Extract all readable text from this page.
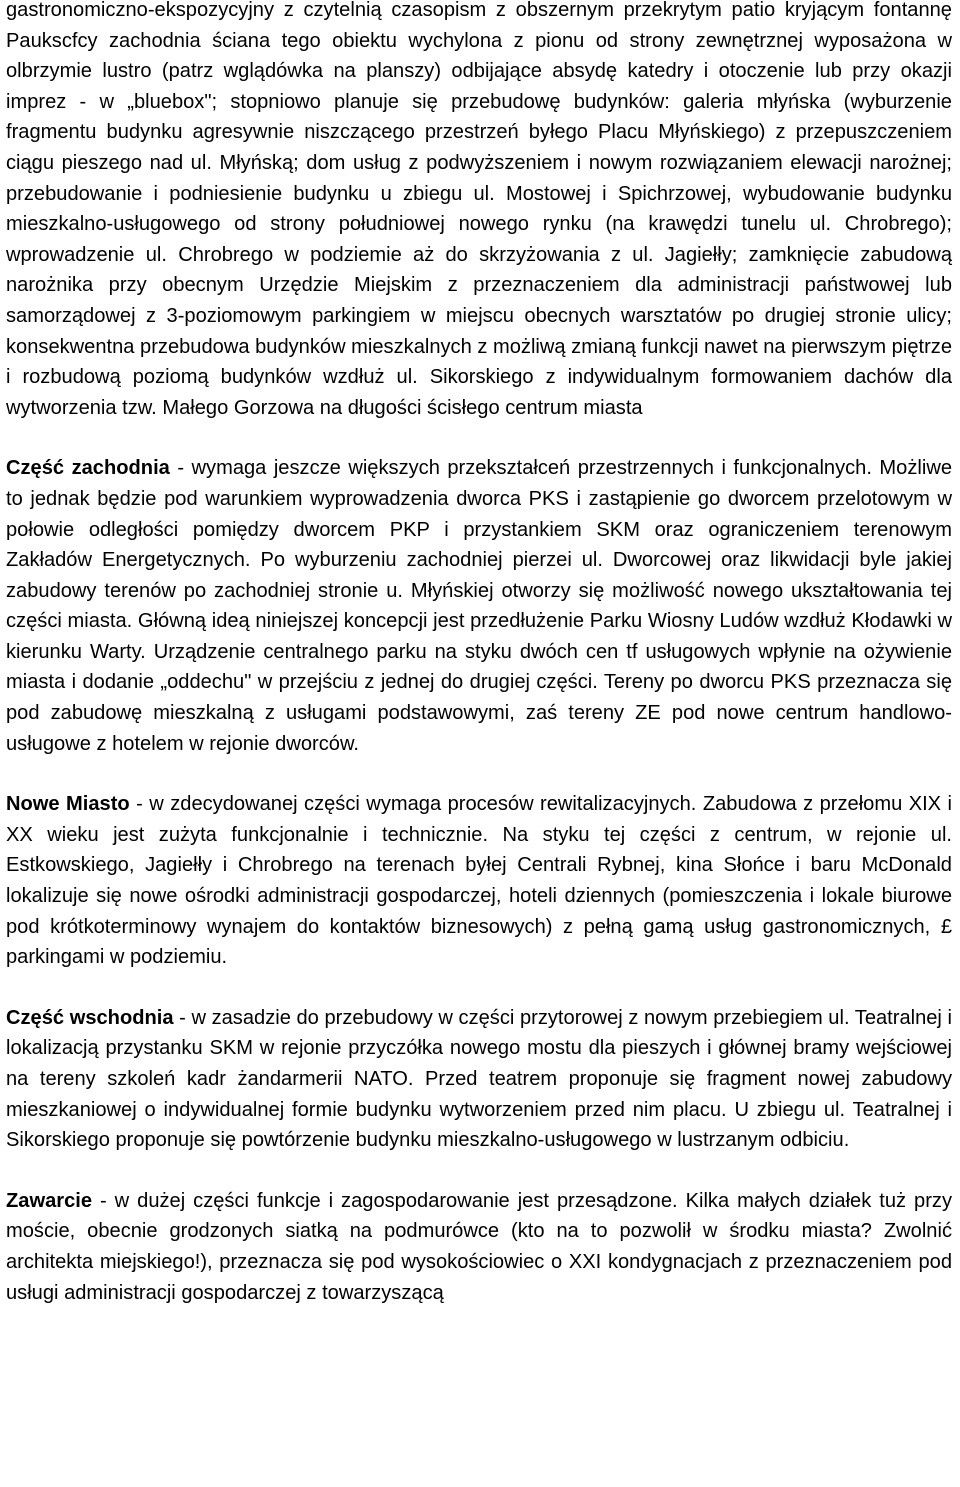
gastronomiczno-ekspozycyjny z czytelnią czasopism z obszernym przekrytym patio kryjącym fontannę Paukscfcy zachodnia ściana tego obiektu wychylona z pionu od strony zewnętrznej wyposażona w olbrzymie lustro (patrz wglądówka na planszy) odbijające absydę katedry i otoczenie lub przy okazji imprez - w „bluebox"; stopniowo planuje się przebudowę budynków: galeria młyńska (wyburzenie fragmentu budynku agresywnie niszczącego przestrzeń byłego Placu Młyńskiego) z przepuszczeniem ciągu pieszego nad ul. Młyńską; dom usług z podwyższeniem i nowym rozwiązaniem elewacji narożnej; przebudowanie i podniesienie budynku u zbiegu ul. Mostowej i Spichrzowej, wybudowanie budynku mieszkalno-usługowego od strony południowej nowego rynku (na krawędzi tunelu ul. Chrobrego); wprowadzenie ul. Chrobrego w podziemie aż do skrzyżowania z ul. Jagiełły; zamknięcie zabudową narożnika przy obecnym Urzędzie Miejskim z przeznaczeniem dla administracji państwowej lub samorządowej z 3-poziomowym parkingiem w miejscu obecnych warsztatów po drugiej stronie ulicy; konsekwentna przebudowa budynków mieszkalnych z możliwą zmianą funkcji nawet na pierwszym piętrze i rozbudową poziomą budynków wzdłuż ul. Sikorskiego z indywidualnym formowaniem dachów dla wytworzenia tzw. Małego Gorzowa na długości ścisłego centrum miasta

Część zachodnia - wymaga jeszcze większych przekształceń przestrzennych i funkcjonalnych. Możliwe to jednak będzie pod warunkiem wyprowadzenia dworca PKS i zastąpienie go dworcem przelotowym w połowie odległości pomiędzy dworcem PKP i przystankiem SKM oraz ograniczeniem terenowym Zakładów Energetycznych. Po wyburzeniu zachodniej pierzei ul. Dworcowej oraz likwidacji byle jakiej zabudowy terenów po zachodniej stronie u. Młyńskiej otworzy się możliwość nowego ukształtowania tej części miasta. Główną ideą niniejszej koncepcji jest przedłużenie Parku Wiosny Ludów wzdłuż Kłodawki w kierunku Warty. Urządzenie centralnego parku na styku dwóch cen tf usługowych wpłynie na ożywienie miasta i dodanie „oddechu" w przejściu z jednej do drugiej części. Tereny po dworcu PKS przeznacza się pod zabudowę mieszkalną z usługami podstawowymi, zaś tereny ZE pod nowe centrum handlowo-usługowe z hotelem w rejonie dworców.

Nowe Miasto - w zdecydowanej części wymaga procesów rewitalizacyjnych. Zabudowa z przełomu XIX i XX wieku jest zużyta funkcjonalnie i technicznie. Na styku tej części z centrum, w rejonie ul. Estkowskiego, Jagiełły i Chrobrego na terenach byłej Centrali Rybnej, kina Słońce i baru McDonald lokalizuje się nowe ośrodki administracji gospodarczej, hoteli dziennych (pomieszczenia i lokale biurowe pod krótkoterminowy wynajem do kontaktów biznesowych) z pełną gamą usług gastronomicznych, £ parkingami w podziemiu.

Część wschodnia - w zasadzie do przebudowy w części przytorowej z nowym przebiegiem ul. Teatralnej i lokalizacją przystanku SKM w rejonie przyczółka nowego mostu dla pieszych i głównej bramy wejściowej na tereny szkoleń kadr żandarmerii NATO. Przed teatrem proponuje się fragment nowej zabudowy mieszkaniowej o indywidualnej formie budynku wytworzeniem przed nim placu. U zbiegu ul. Teatralnej i Sikorskiego proponuje się powtórzenie budynku mieszkalno-usługowego w lustrzanym odbiciu.

Zawarcie - w dużej części funkcje i zagospodarowanie jest przesądzone. Kilka małych działek tuż przy moście, obecnie grodzonych siatką na podmurówce (kto na to pozwolił w środku miasta? Zwolnić architekta miejskiego!), przeznacza się pod wysokościowiec o XXI kondygnacjach z przeznaczeniem pod usługi administracji gospodarczej z towarzyszącą
